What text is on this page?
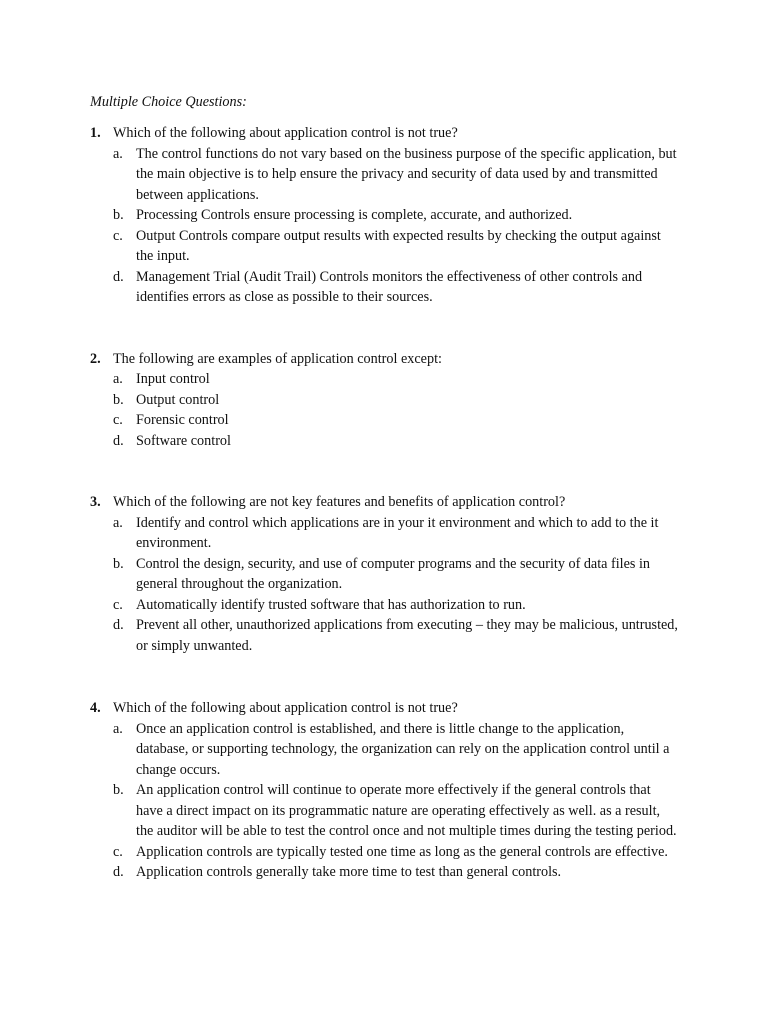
Multiple Choice Questions:
1. Which of the following about application control is not true?
a. The control functions do not vary based on the business purpose of the specific application, but the main objective is to help ensure the privacy and security of data used by and transmitted between applications.
b. Processing Controls ensure processing is complete, accurate, and authorized.
c. Output Controls compare output results with expected results by checking the output against the input.
d. Management Trial (Audit Trail) Controls monitors the effectiveness of other controls and identifies errors as close as possible to their sources.
2. The following are examples of application control except:
a. Input control
b. Output control
c. Forensic control
d. Software control
3. Which of the following are not key features and benefits of application control?
a. Identify and control which applications are in your it environment and which to add to the it environment.
b. Control the design, security, and use of computer programs and the security of data files in general throughout the organization.
c. Automatically identify trusted software that has authorization to run.
d. Prevent all other, unauthorized applications from executing – they may be malicious, untrusted, or simply unwanted.
4. Which of the following about application control is not true?
a. Once an application control is established, and there is little change to the application, database, or supporting technology, the organization can rely on the application control until a change occurs.
b. An application control will continue to operate more effectively if the general controls that have a direct impact on its programmatic nature are operating effectively as well. as a result, the auditor will be able to test the control once and not multiple times during the testing period.
c. Application controls are typically tested one time as long as the general controls are effective.
d. Application controls generally take more time to test than general controls.
